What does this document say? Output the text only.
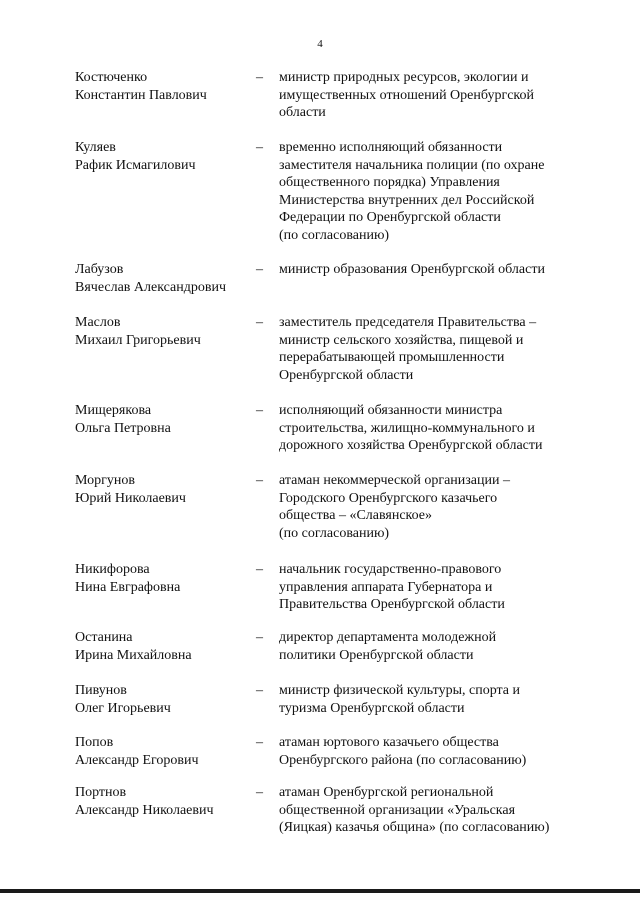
4
Костюченко
Константин Павлович
–	министр природных ресурсов, экологии и
имущественных отношений Оренбургской
области
Куляев
Рафик Исмагилович
–	временно исполняющий обязанности
заместителя начальника полиции (по охране
общественного порядка) Управления
Министерства внутренних дел Российской
Федерации по Оренбургской области
(по согласованию)
Лабузов
Вячеслав Александрович
–	министр образования Оренбургской области
Маслов
Михаил Григорьевич
–	заместитель председателя Правительства –
министр сельского хозяйства, пищевой и
перерабатывающей промышленности
Оренбургской области
Мищерякова
Ольга Петровна
–	исполняющий обязанности министра
строительства, жилищно-коммунального и
дорожного хозяйства Оренбургской области
Моргунов
Юрий Николаевич
–	атаман некоммерческой организации –
Городского Оренбургского казачьего
общества – «Славянское»
(по согласованию)
Никифорова
Нина Евграфовна
–	начальник государственно-правового
управления аппарата Губернатора и
Правительства Оренбургской области
Останина
Ирина Михайловна
–	директор департамента молодежной
политики Оренбургской области
Пивунов
Олег Игорьевич
–	министр физической культуры, спорта и
туризма Оренбургской области
Попов
Александр Егорович
–	атаман юртового казачьего общества
Оренбургского района (по согласованию)
Портнов
Александр Николаевич
–	атаман Оренбургской региональной
общественной организации «Уральская
(Яицкая) казачья община» (по согласованию)
